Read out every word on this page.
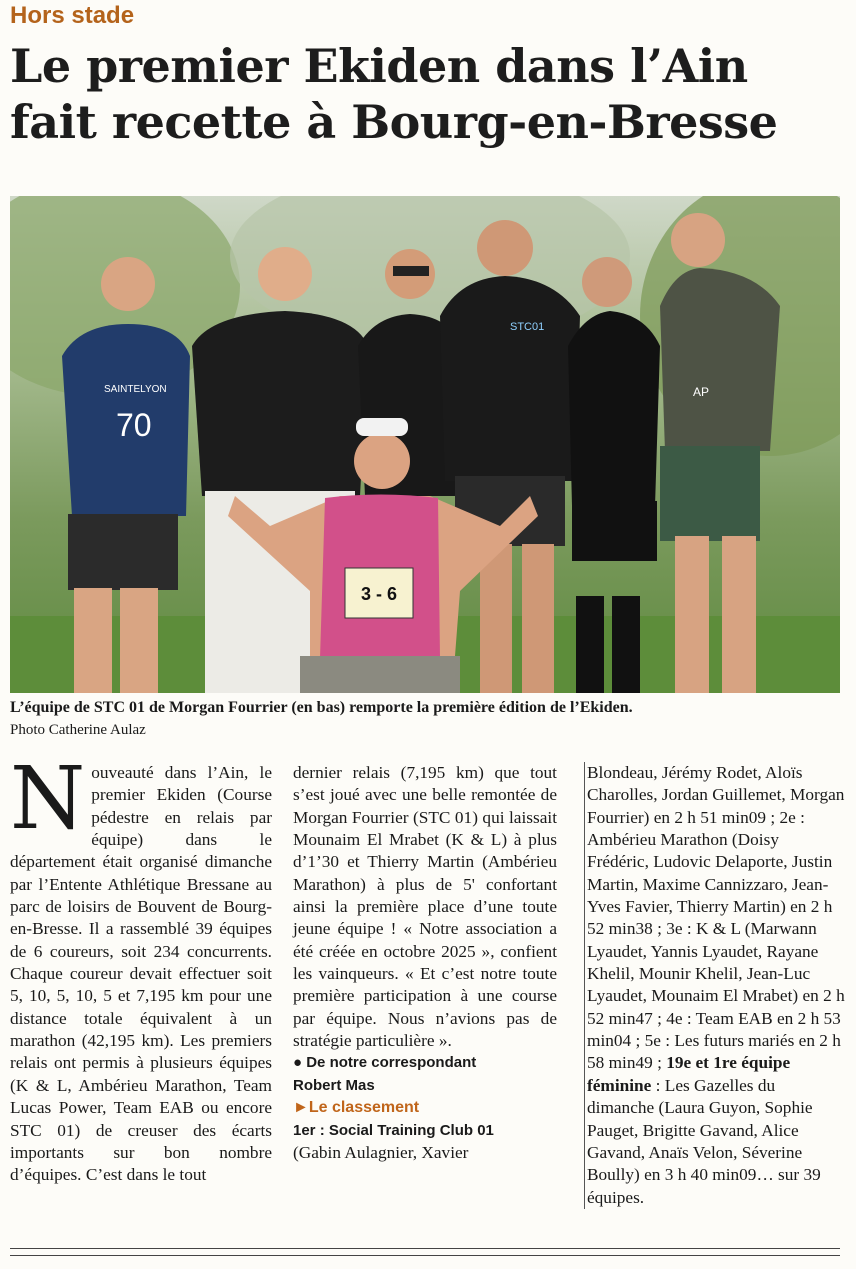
Hors stade
Le premier Ekiden dans l’Ain
fait recette à Bourg-en-Bresse
SAINTELYON
70
STC01
AP
3 - 6
L’équipe de STC 01 de Morgan Fourrier (en bas) remporte la première édition de l’Ekiden.
Photo Catherine Aulaz
N ouveauté dans l’Ain, le premier Ekiden (Course pédestre en relais par équipe) dans le département était organisé dimanche par l’Entente Athlétique Bressane au parc de loisirs de Bouvent de Bourg-en-Bresse. Il a rassemblé 39 équipes de 6 coureurs, soit 234 concurrents. Chaque coureur devait effectuer soit 5, 10, 5, 10, 5 et 7,195 km pour une distance totale équivalent à un marathon (42,195 km). Les premiers relais ont permis à plusieurs équipes (K & L, Ambérieu Marathon, Team Lucas Power, Team EAB ou encore STC 01) de creuser des écarts importants sur bon nombre d’équipes. C’est dans le tout
dernier relais (7,195 km) que tout s’est joué avec une belle remontée de Morgan Fourrier (STC 01) qui laissait Mounaim El Mrabet (K & L) à plus d’1’30 et Thierry Martin (Ambérieu Marathon) à plus de 5' confortant ainsi la première place d’une toute jeune équipe ! « Notre association a été créée en octobre 2025 », confient les vainqueurs. « Et c’est notre toute première participation à une course par équipe. Nous n’avions pas de stratégie particulière ».
● De notre correspondant
Robert Mas
►Le classement
1er : Social Training Club 01
(Gabin Aulagnier, Xavier
Blondeau, Jérémy Rodet, Aloïs Charolles, Jordan Guillemet, Morgan Fourrier) en 2 h 51 min09 ; 2e : Ambérieu Marathon (Doisy Frédéric, Ludovic Delaporte, Justin Martin, Maxime Cannizzaro, Jean-Yves Favier, Thierry Martin) en 2 h 52 min38 ; 3e : K & L (Marwann Lyaudet, Yannis Lyaudet, Rayane Khelil, Mounir Khelil, Jean-Luc Lyaudet, Mounaim El Mrabet) en 2 h 52 min47 ; 4e : Team EAB en 2 h 53 min04 ; 5e : Les futurs mariés en 2 h 58 min49 ; 19e et 1re équipe féminine : Les Gazelles du dimanche (Laura Guyon, Sophie Pauget, Brigitte Gavand, Alice Gavand, Anaïs Velon, Séverine Boully) en 3 h 40 min09… sur 39 équipes.
